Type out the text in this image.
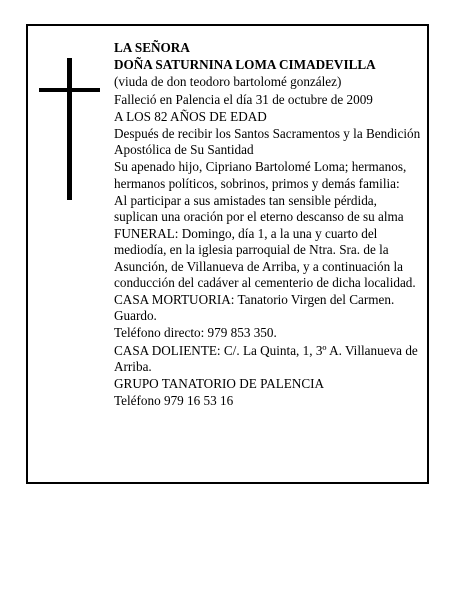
LA SEÑORA

DOÑA SATURNINA LOMA CIMADEVILLA

(viuda de don teodoro bartolomé gonzález)

Falleció en Palencia el día 31 de octubre de 2009

A LOS 82 AÑOS DE EDAD

Después de recibir los Santos Sacramentos y la Bendición Apostólica de Su Santidad

Su apenado hijo, Cipriano Bartolomé Loma; hermanos, hermanos políticos, sobrinos, primos y demás familia:

Al participar a sus amistades tan sensible pérdida, suplican una oración por el eterno descanso de su alma

FUNERAL: Domingo, día 1, a la una y cuarto del mediodía, en la iglesia parroquial de Ntra. Sra. de la Asunción, de Villanueva de Arriba, y a continuación la conducción del cadáver al cementerio de dicha localidad.

CASA MORTUORIA: Tanatorio Virgen del Carmen. Guardo.

Teléfono directo: 979 853 350.

CASA DOLIENTE: C/. La Quinta, 1, 3º A. Villanueva de Arriba.

GRUPO TANATORIO DE PALENCIA

Teléfono 979 16 53 16
